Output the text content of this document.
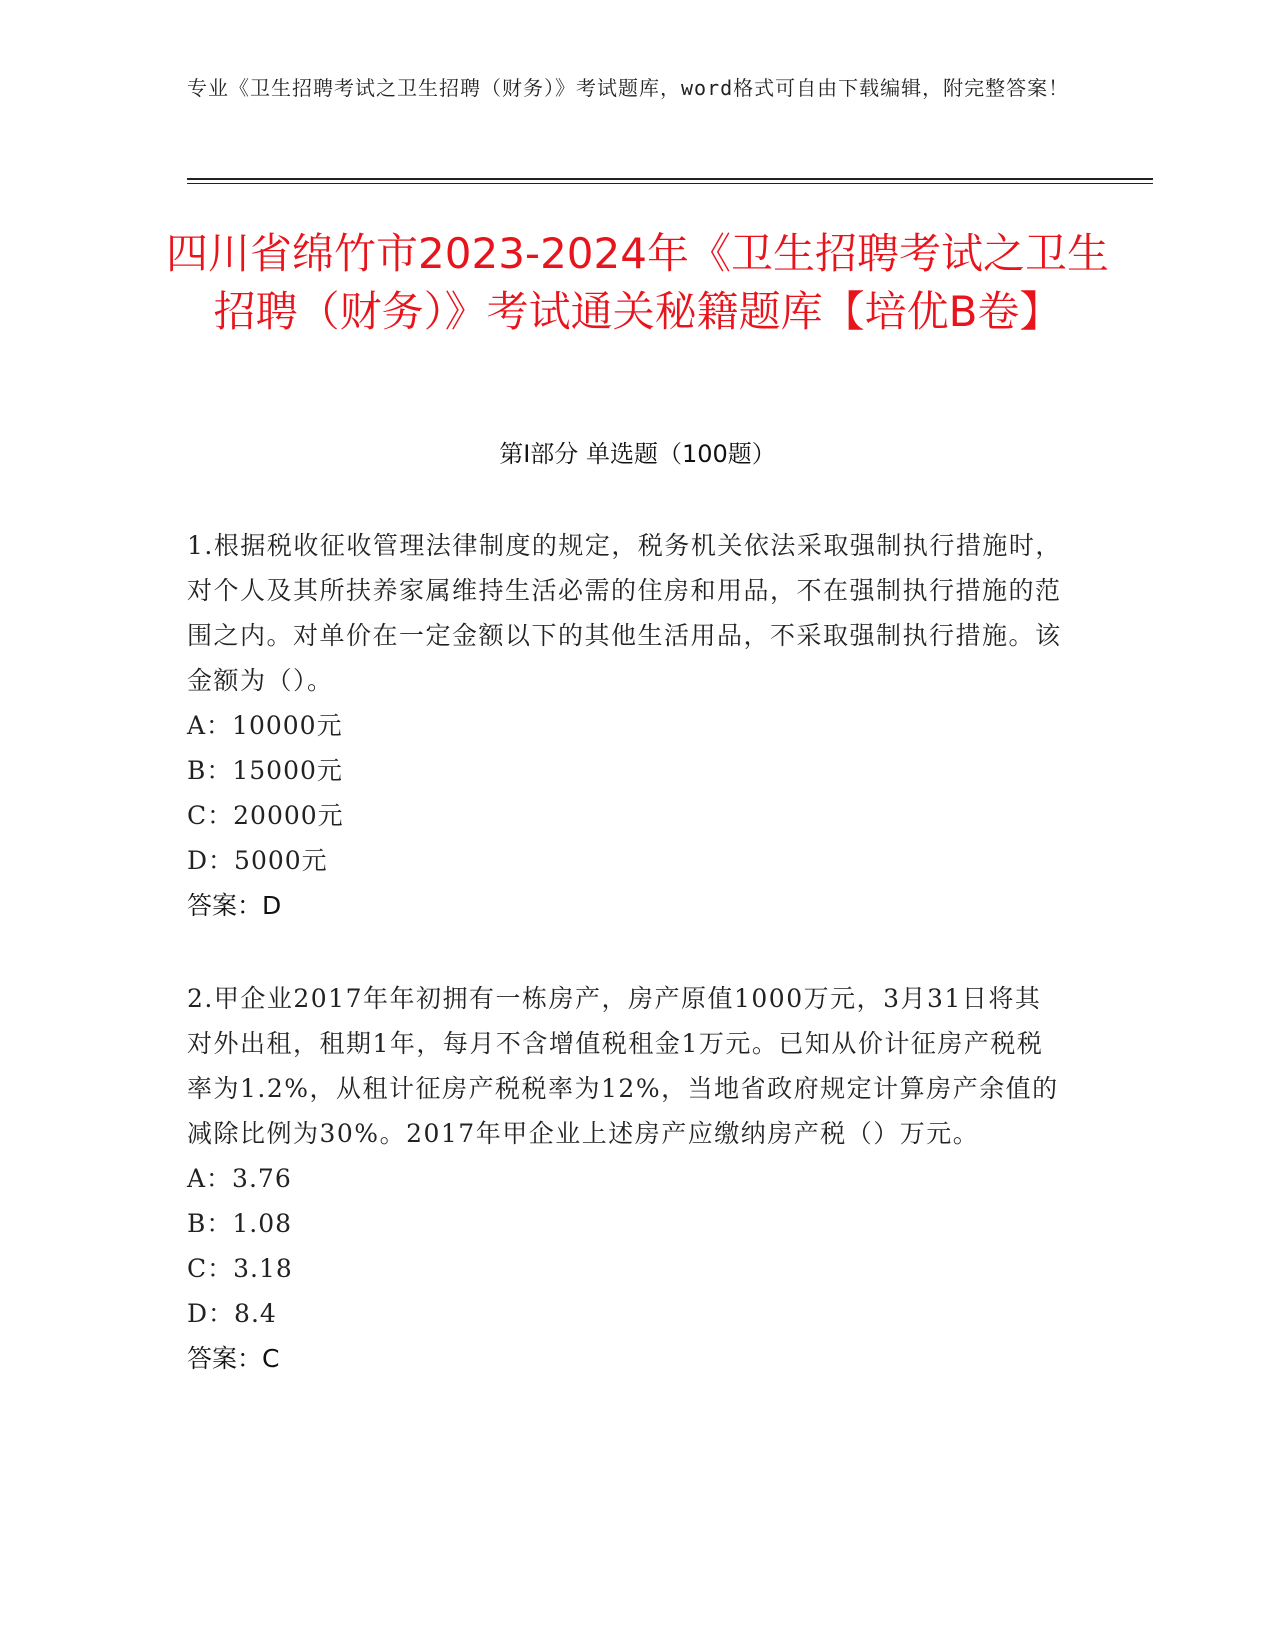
专业《卫生招聘考试之卫生招聘（财务）》考试题库，word格式可自由下载编辑，附完整答案！
四川省绵竹市2023-2024年《卫生招聘考试之卫生招聘（财务）》考试通关秘籍题库【培优B卷】
第I部分 单选题（100题）

1.根据税收征收管理法律制度的规定，税务机关依法采取强制执行措施时，对个人及其所扶养家属维持生活必需的住房和用品，不在强制执行措施的范围之内。对单价在一定金额以下的其他生活用品，不采取强制执行措施。该金额为（）。

A：10000元

B：15000元

C：20000元

D：5000元

答案：D

2.甲企业2017年年初拥有一栋房产，房产原值1000万元，3月31日将其对外出租，租期1年，每月不含增值税租金1万元。已知从价计征房产税税率为1.2%，从租计征房产税税率为12%，当地省政府规定计算房产余值的减除比例为30%。2017年甲企业上述房产应缴纳房产税（）万元。

A：3.76

B：1.08

C：3.18

D：8.4

答案：C
